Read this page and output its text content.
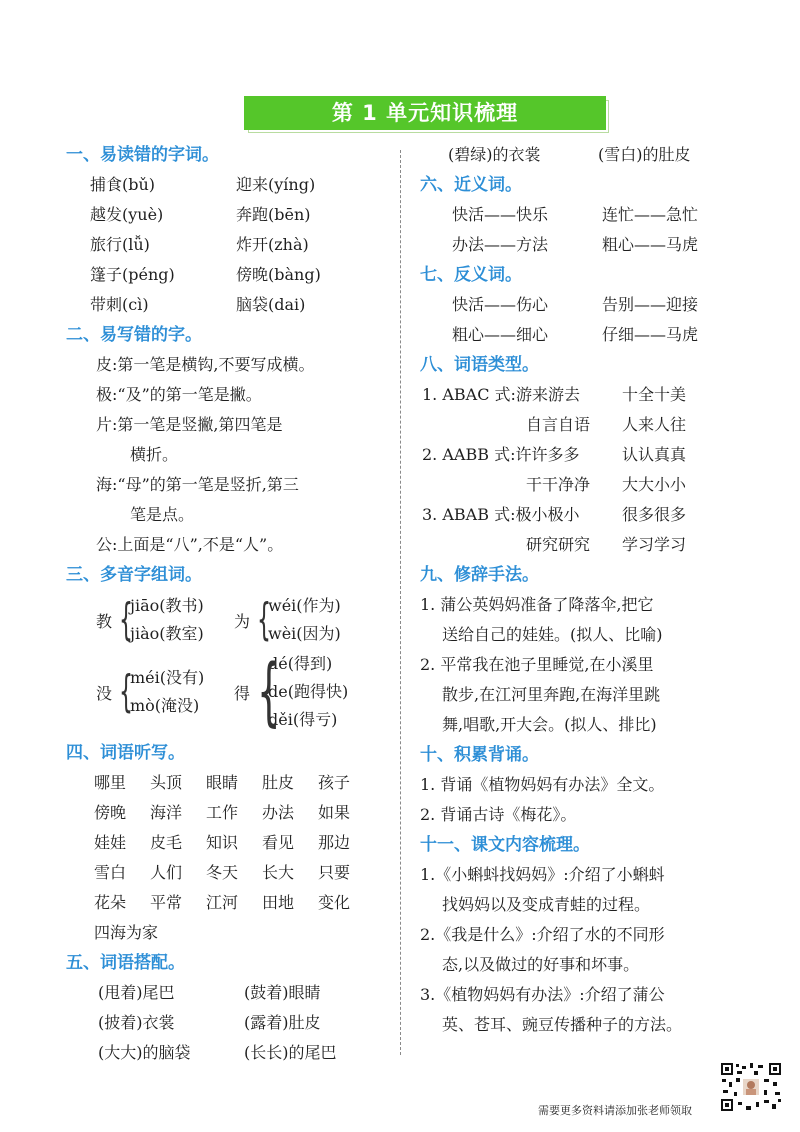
第 1 单元知识梳理
一、易读错的字词。
捕食(bǔ)	迎来(yíng)
越发(yuè)	奔跑(bēn)
旅行(lǚ)	炸开(zhà)
篷子(péng)	傍晚(bàng)
带刺(cì)	脑袋(dai)
二、易写错的字。
皮:第一笔是横钩,不要写成横。
极:“及”的第一笔是撇。
片:第一笔是竖撇,第四笔是
横折。
海:“母”的第一笔是竖折,第三
笔是点。
公:上面是“八”,不是“人”。
三、多音字组词。
教 {
jiāo(教书)
jiào(教室)
为 {
wéi(作为)
wèi(因为)
没 {
méi(没有)
mò(淹没)
得 {
dé(得到)
de(跑得快)
děi(得亏)
四、词语听写。
哪里	头顶	眼睛	肚皮	孩子
傍晚	海洋	工作	办法	如果
娃娃	皮毛	知识	看见	那边
雪白	人们	冬天	长大	只要
花朵	平常	江河	田地	变化
四海为家
五、词语搭配。
(甩着)尾巴	(鼓着)眼睛
(披着)衣裳	(露着)肚皮
(大大)的脑袋	(长长)的尾巴
(碧绿)的衣裳	(雪白)的肚皮
六、近义词。
快活——快乐	连忙——急忙
办法——方法	粗心——马虎
七、反义词。
快活——伤心	告别——迎接
粗心——细心	仔细——马虎
八、词语类型。
1. ABAC 式:游来游去	十全十美
自言自语	人来人往
2. AABB 式:许许多多	认认真真
干干净净	大大小小
3. ABAB 式:极小极小	很多很多
研究研究	学习学习
九、修辞手法。
1. 蒲公英妈妈准备了降落伞,把它
送给自己的娃娃。(拟人、比喻)
2. 平常我在池子里睡觉,在小溪里
散步,在江河里奔跑,在海洋里跳
舞,唱歌,开大会。(拟人、排比)
十、积累背诵。
1. 背诵《植物妈妈有办法》全文。
2. 背诵古诗《梅花》。
十一、课文内容梳理。
1.《小蝌蚪找妈妈》:介绍了小蝌蚪
找妈妈以及变成青蛙的过程。
2.《我是什么》:介绍了水的不同形
态,以及做过的好事和坏事。
3.《植物妈妈有办法》:介绍了蒲公
英、苍耳、豌豆传播种子的方法。
需要更多资料请添加张老师领取
